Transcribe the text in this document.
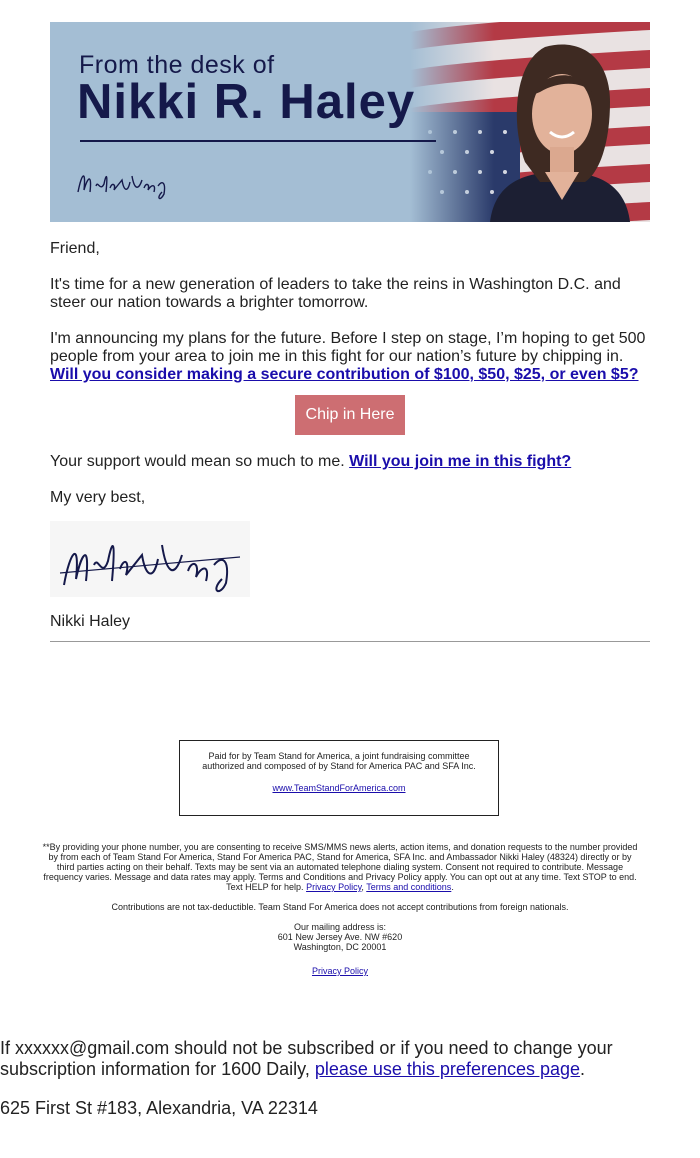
From the desk of
Nikki R. Haley

Friend,

It's time for a new generation of leaders to take the reins in Washington D.C. and steer our nation towards a brighter tomorrow.

I'm announcing my plans for the future. Before I step on stage, I’m hoping to get 500 people from your area to join me in this fight for our nation’s future by chipping in.
Will you consider making a secure contribution of $100, $50, $25, or even $5?

Chip in Here

Your support would mean so much to me. Will you join me in this fight?

My very best,

Nikki Haley

Paid for by Team Stand for America, a joint fundraising committee authorized and composed of by Stand for America PAC and SFA Inc.
www.TeamStandForAmerica.com
**By providing your phone number, you are consenting to receive SMS/MMS news alerts, action items, and donation requests to the number provided by from each of Team Stand For America, Stand For America PAC, Stand for America, SFA Inc. and Ambassador Nikki Haley (48324) directly or by third parties acting on their behalf. Texts may be sent via an automated telephone dialing system. Consent not required to contribute. Message frequency varies. Message and data rates may apply. Terms and Conditions and Privacy Policy apply. You can opt out at any time. Text STOP to end. Text HELP for help. Privacy Policy, Terms and conditions.
Contributions are not tax-deductible. Team Stand For America does not accept contributions from foreign nationals.
Our mailing address is:
601 New Jersey Ave. NW #620
Washington, DC 20001
Privacy Policy
If xxxxxx@gmail.com should not be subscribed or if you need to change your subscription information for 1600 Daily, please use this preferences page.
625 First St #183, Alexandria, VA 22314
